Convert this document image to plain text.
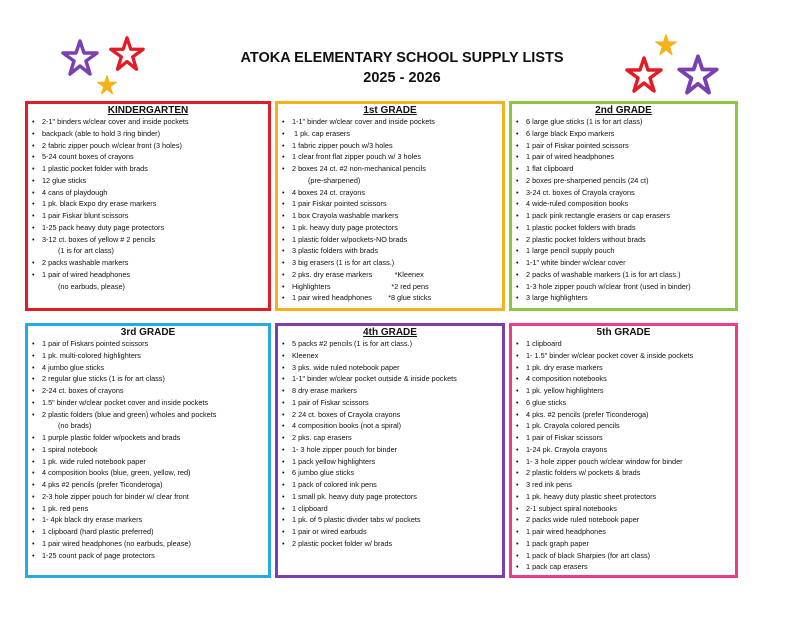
ATOKA ELEMENTARY SCHOOL SUPPLY LISTS
2025 - 2026
KINDERGARTEN
• 2-1" binders w/clear cover and inside pockets
• backpack (able to hold 3 ring binder)
• 2 fabric zipper pouch w/clear front (3 holes)
• 5-24 count boxes of crayons
• 1 plastic pocket folder with brads
• 12 glue sticks
• 4 cans of playdough
• 1 pk. black Expo dry erase markers
• 1 pair Fiskar blunt scissors
• 1-25 pack heavy duty page protectors
• 3-12 ct. boxes of yellow # 2 pencils
(1 is for art class)
• 2 packs washable markers
• 1 pair of wired headphones
(no earbuds, please)
1st GRADE
• 1-1" binder w/clear cover and inside pockets
•  1 pk. cap erasers
• 1 fabric zipper pouch w/3 holes
• 1 clear front flat zipper pouch w/ 3 holes
• 2 boxes 24 ct. #2 non-mechanical pencils
(pre-sharpened)
• 4 boxes 24 ct. crayons
• 1 pair Fiskar pointed scissors
• 1 box Crayola washable markers
• 1 pk. heavy duty page protectors
• 1 plastic folder w/pockets-NO brads
• 3 plastic folders with brads
• 3 big erasers (1 is for art class.)
• 2 pks. dry erase markers           *Kleenex
• Highlighters                              *2 red pens
• 1 pair wired headphones        *8 glue sticks
2nd GRADE
• 6 large glue sticks (1 is for art class)
• 6 large black Expo markers
• 1 pair of Fiskar pointed scissors
• 1 pair of wired headphones
• 1 flat clipboard
• 2 boxes pre-sharpened pencils (24 ct)
• 3-24 ct. boxes of Crayola crayons
• 4 wide-ruled composition books
• 1 pack pink rectangle erasers or cap erasers
• 1 plastic pocket folders with brads
• 2 plastic pocket folders without brads
• 1 large pencil supply pouch
• 1-1" white binder w/clear cover
• 2 packs of washable markers (1 is for art class.)
• 1-3 hole zipper pouch w/clear front (used in binder)
• 3 large highlighters
3rd GRADE
• 1 pair of Fiskars pointed scissors
• 1 pk. multi-colored highlighters
• 4 jumbo glue sticks
• 2 regular glue sticks (1 is for art class)
• 2-24 ct. boxes of crayons
• 1.5" binder w/clear pocket cover and inside pockets
• 2 plastic folders (blue and green) w/holes and pockets
(no brads)
• 1 purple plastic folder w/pockets and brads
• 1 spiral notebook
• 1 pk. wide ruled notebook paper
• 4 composition books (blue, green, yellow, red)
• 4 pks #2 pencils (prefer Ticonderoga)
• 2-3 hole zipper pouch for binder w/ clear front
• 1 pk. red pens
• 1- 4pk black dry erase markers
• 1 clipboard (hard plastic preferred)
• 1 pair wired headphones (no earbuds, please)
• 1-25 count pack of page protectors
4th GRADE
• 5 packs #2 pencils (1 is for art class.)
• Kleenex
• 3 pks. wide ruled notebook paper
• 1-1" binder w/clear pocket outside & inside pockets
• 8 dry erase markers
• 1 pair of Fiskar scissors
• 2 24 ct. boxes of Crayola crayons
• 4 composition books (not a spiral)
• 2 pks. cap erasers
• 1- 3 hole zipper pouch for binder
• 1 pack yellow highlighters
• 6 jumbo glue sticks
• 1 pack of colored ink pens
• 1 small pk. heavy duty page protectors
• 1 clipboard
• 1 pk. of 5 plastic divider tabs w/ pockets
• 1 pair or wired earbuds
• 2 plastic pocket folder w/ brads
5th GRADE
• 1 clipboard
• 1- 1.5" binder w/clear pocket cover & inside pockets
• 1 pk. dry erase markers
• 4 composition notebooks
• 1 pk. yellow highlighters
• 6 glue sticks
• 4 pks. #2 pencils (prefer Ticonderoga)
• 1 pk. Crayola colored pencils
• 1 pair of Fiskar scissors
• 1-24 pk. Crayola crayons
• 1- 3 hole zipper pouch w/clear window for binder
• 2 plastic folders w/ pockets & brads
• 3 red ink pens
• 1 pk. heavy duty plastic sheet protectors
• 2-1 subject spiral notebooks
• 2 packs wide ruled notebook paper
• 1 pair wired headphones
• 1 pack graph paper
• 1 pack of black Sharpies (for art class)
• 1 pack cap erasers
